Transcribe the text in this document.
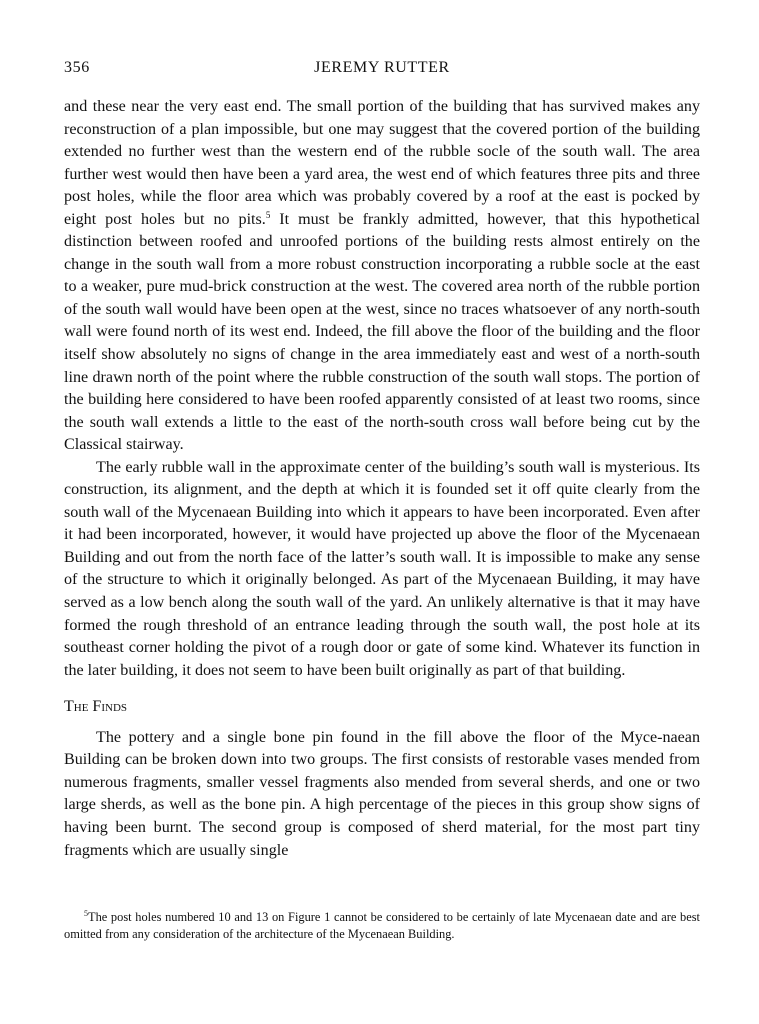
356	JEREMY RUTTER

and these near the very east end. The small portion of the building that has survived makes any reconstruction of a plan impossible, but one may suggest that the covered portion of the building extended no further west than the western end of the rubble socle of the south wall. The area further west would then have been a yard area, the west end of which features three pits and three post holes, while the floor area which was probably covered by a roof at the east is pocked by eight post holes but no pits.$^5$ It must be frankly admitted, however, that this hypothetical distinction between roofed and unroofed portions of the building rests almost entirely on the change in the south wall from a more robust construction incorporating a rubble socle at the east to a weaker, pure mud-brick construction at the west. The covered area north of the rubble portion of the south wall would have been open at the west, since no traces whatsoever of any north-south wall were found north of its west end. Indeed, the fill above the floor of the building and the floor itself show absolutely no signs of change in the area immediately east and west of a north-south line drawn north of the point where the rubble construction of the south wall stops. The portion of the building here considered to have been roofed apparently consisted of at least two rooms, since the south wall extends a little to the east of the north-south cross wall before being cut by the Classical stairway.

The early rubble wall in the approximate center of the building’s south wall is mysterious. Its construction, its alignment, and the depth at which it is founded set it off quite clearly from the south wall of the Mycenaean Building into which it appears to have been incorporated. Even after it had been incorporated, however, it would have projected up above the floor of the Mycenaean Building and out from the north face of the latter’s south wall. It is impossible to make any sense of the structure to which it originally belonged. As part of the Mycenaean Building, it may have served as a low bench along the south wall of the yard. An unlikely alternative is that it may have formed the rough threshold of an entrance leading through the south wall, the post hole at its southeast corner holding the pivot of a rough door or gate of some kind. Whatever its function in the later building, it does not seem to have been built originally as part of that building.

The Finds

The pottery and a single bone pin found in the fill above the floor of the Myce-naean Building can be broken down into two groups. The first consists of restorable vases mended from numerous fragments, smaller vessel fragments also mended from several sherds, and one or two large sherds, as well as the bone pin. A high percentage of the pieces in this group show signs of having been burnt. The second group is composed of sherd material, for the most part tiny fragments which are usually single

$^5$The post holes numbered 10 and 13 on Figure 1 cannot be considered to be certainly of late Mycenaean date and are best omitted from any consideration of the architecture of the Mycenaean Building.
